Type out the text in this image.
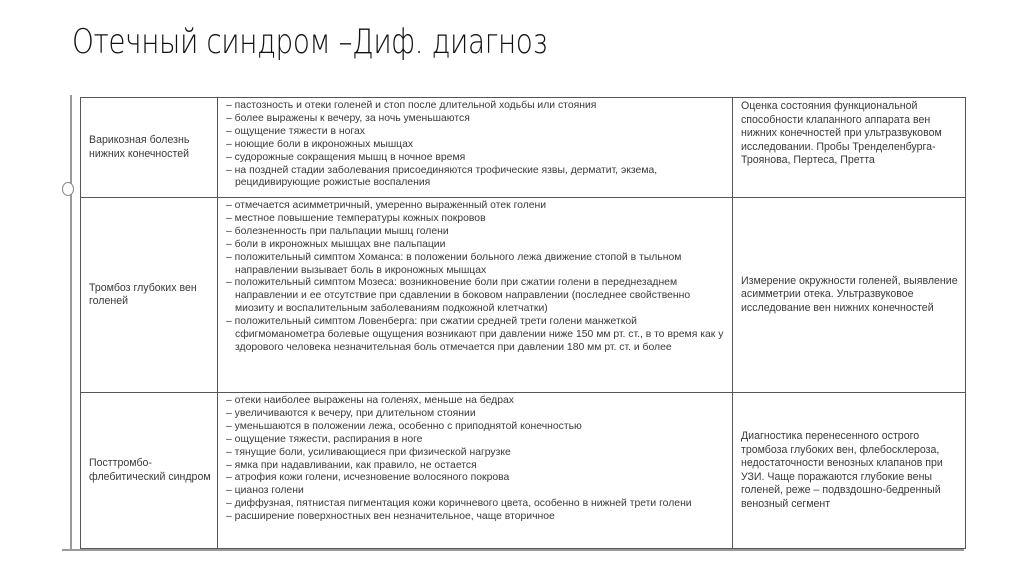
Отечный синдром –Диф. диагноз
Варикозная болезнь нижних конечностей	
– пастозность и отеки голеней и стоп после длительной ходьбы или стояния
– более выражены к вечеру, за ночь уменьшаются
– ощущение тяжести в ногах
– ноющие боли в икроножных мышцах
– судорожные сокращения мышц в ночное время
– на поздней стадии заболевания присоединяются трофические язвы, дерматит, экзема, рецидивирующие рожистые воспаления
	Оценка состояния функциональной способности клапанного аппарата вен нижних конечностей при ультразвуковом исследовании. Пробы Тренделенбурга-Троянова, Пертеса, Претта
Тромбоз глубоких вен голеней	
– отмечается асимметричный, умеренно выраженный отек голени
– местное повышение температуры кожных покровов
– болезненность при пальпации мышц голени
– боли в икроножных мышцах вне пальпации
– положительный симптом Хоманса: в положении больного лежа движение стопой в тыльном направлении вызывает боль в икроножных мышцах
– положительный симптом Мозеса: возникновение боли при сжатии голени в переднезаднем направлении и ее отсутствие при сдавлении в боковом направлении (последнее свойственно миозиту и воспалительным заболеваниям подкожной клетчатки)
– положительный симптом Ловенберга: при сжатии средней трети голени манжеткой сфигмоманометра болевые ощущения возникают при давлении ниже 150 мм рт. ст., в то время как у здорового человека незначительная боль отмечается при давлении 180 мм рт. ст. и более
	Измерение окружности голеней, выявление асимметрии отека. Ультразвуковое исследование вен нижних конечностей
Посттромбо-флебитический синдром	
– отеки наиболее выражены на голенях, меньше на бедрах
– увеличиваются к вечеру, при длительном стоянии
– уменьшаются в положении лежа, особенно с приподнятой конечностью
– ощущение тяжести, распирания в ноге
– тянущие боли, усиливающиеся при физической нагрузке
– ямка при надавливании, как правило, не остается
– атрофия кожи голени, исчезновение волосяного покрова
– цианоз голени
– диффузная, пятнистая пигментация кожи коричневого цвета, особенно в нижней трети голени
– расширение поверхностных вен незначительное, чаще вторичное
	Диагностика перенесенного острого тромбоза глубоких вен, флебосклероза, недостаточности венозных клапанов при УЗИ. Чаще поражаются глубокие вены голеней, реже – подвздошно-бедренный венозный сегмент
